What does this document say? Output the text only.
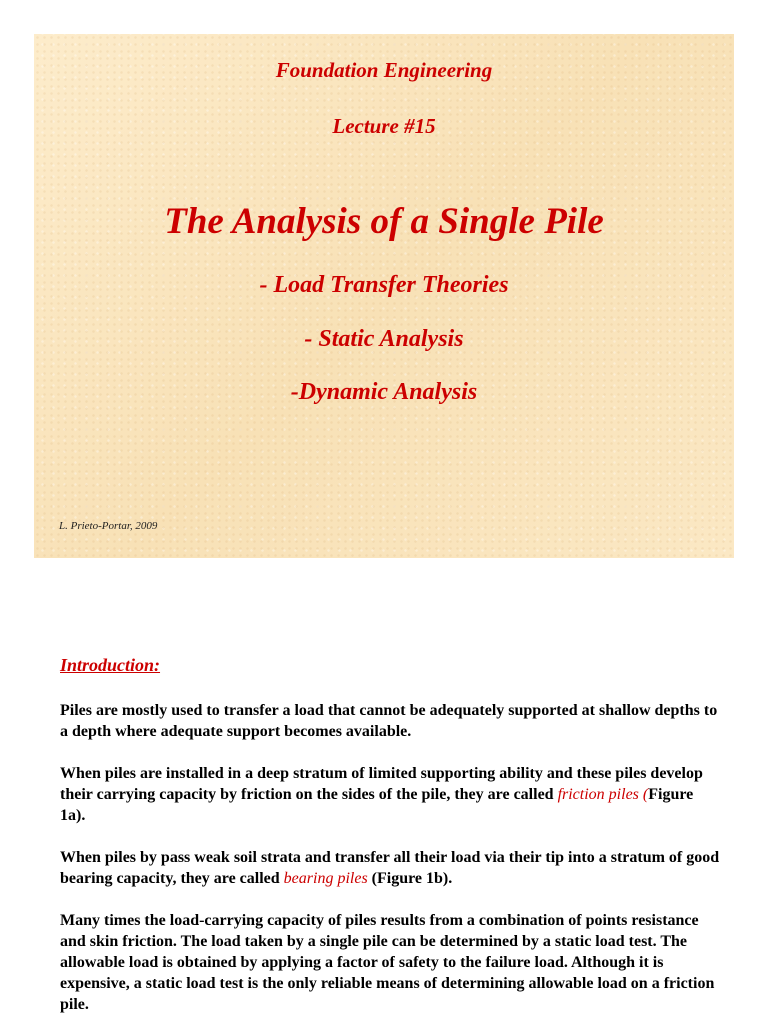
Foundation Engineering
Lecture #15
The Analysis of a Single Pile
- Load Transfer Theories
- Static Analysis
-Dynamic Analysis
L. Prieto-Portar, 2009
Introduction:
Piles are mostly used to transfer a load that cannot be adequately supported at shallow depths to a depth where adequate support becomes available.
When piles are installed in a deep stratum of limited supporting ability and these piles develop their carrying capacity by friction on the sides of the pile, they are called friction piles (Figure 1a).
When piles by pass weak soil strata and transfer all their load via their tip into a stratum of good bearing capacity, they are called bearing piles (Figure 1b).
Many times the load-carrying capacity of piles results from a combination of points resistance and skin friction. The load taken by a single pile can be determined by a static load test. The allowable load is obtained by applying a factor of safety to the failure load. Although it is expensive, a static load test is the only reliable means of determining allowable load on a friction pile.
